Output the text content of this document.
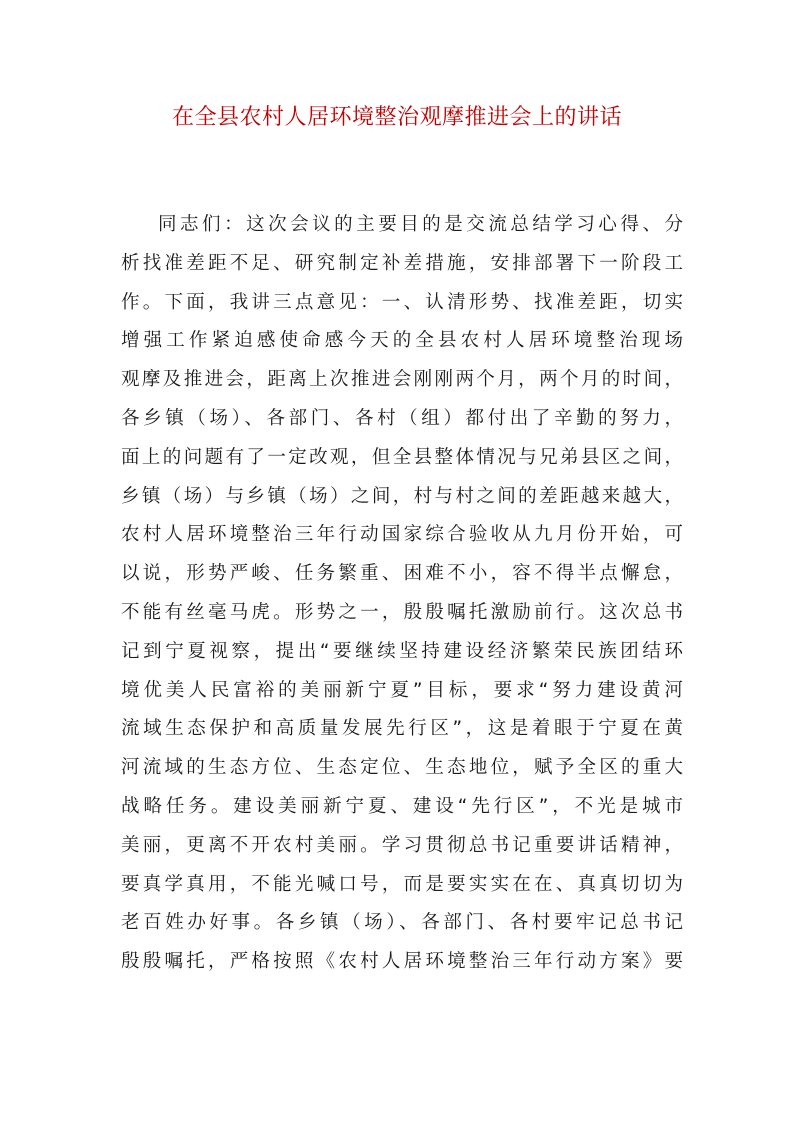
在全县农村人居环境整治观摩推进会上的讲话
同志们：这次会议的主要目的是交流总结学习心得、分
析找准差距不足、研究制定补差措施，安排部署下一阶段工
作。下面，我讲三点意见：一、认清形势、找准差距，切实
增强工作紧迫感使命感今天的全县农村人居环境整治现场
观摩及推进会，距离上次推进会刚刚两个月，两个月的时间，
各乡镇（场）、各部门、各村（组）都付出了辛勤的努力，
面上的问题有了一定改观，但全县整体情况与兄弟县区之间，
乡镇（场）与乡镇（场）之间，村与村之间的差距越来越大，
农村人居环境整治三年行动国家综合验收从九月份开始，可
以说，形势严峻、任务繁重、困难不小，容不得半点懈怠，
不能有丝毫马虎。形势之一，殷殷嘱托激励前行。这次总书
记到宁夏视察，提出“要继续坚持建设经济繁荣民族团结环
境优美人民富裕的美丽新宁夏”目标，要求“努力建设黄河
流域生态保护和高质量发展先行区”，这是着眼于宁夏在黄
河流域的生态方位、生态定位、生态地位，赋予全区的重大
战略任务。建设美丽新宁夏、建设“先行区”，不光是城市
美丽，更离不开农村美丽。学习贯彻总书记重要讲话精神，
要真学真用，不能光喊口号，而是要实实在在、真真切切为
老百姓办好事。各乡镇（场）、各部门、各村要牢记总书记
殷殷嘱托，严格按照《农村人居环境整治三年行动方案》要
